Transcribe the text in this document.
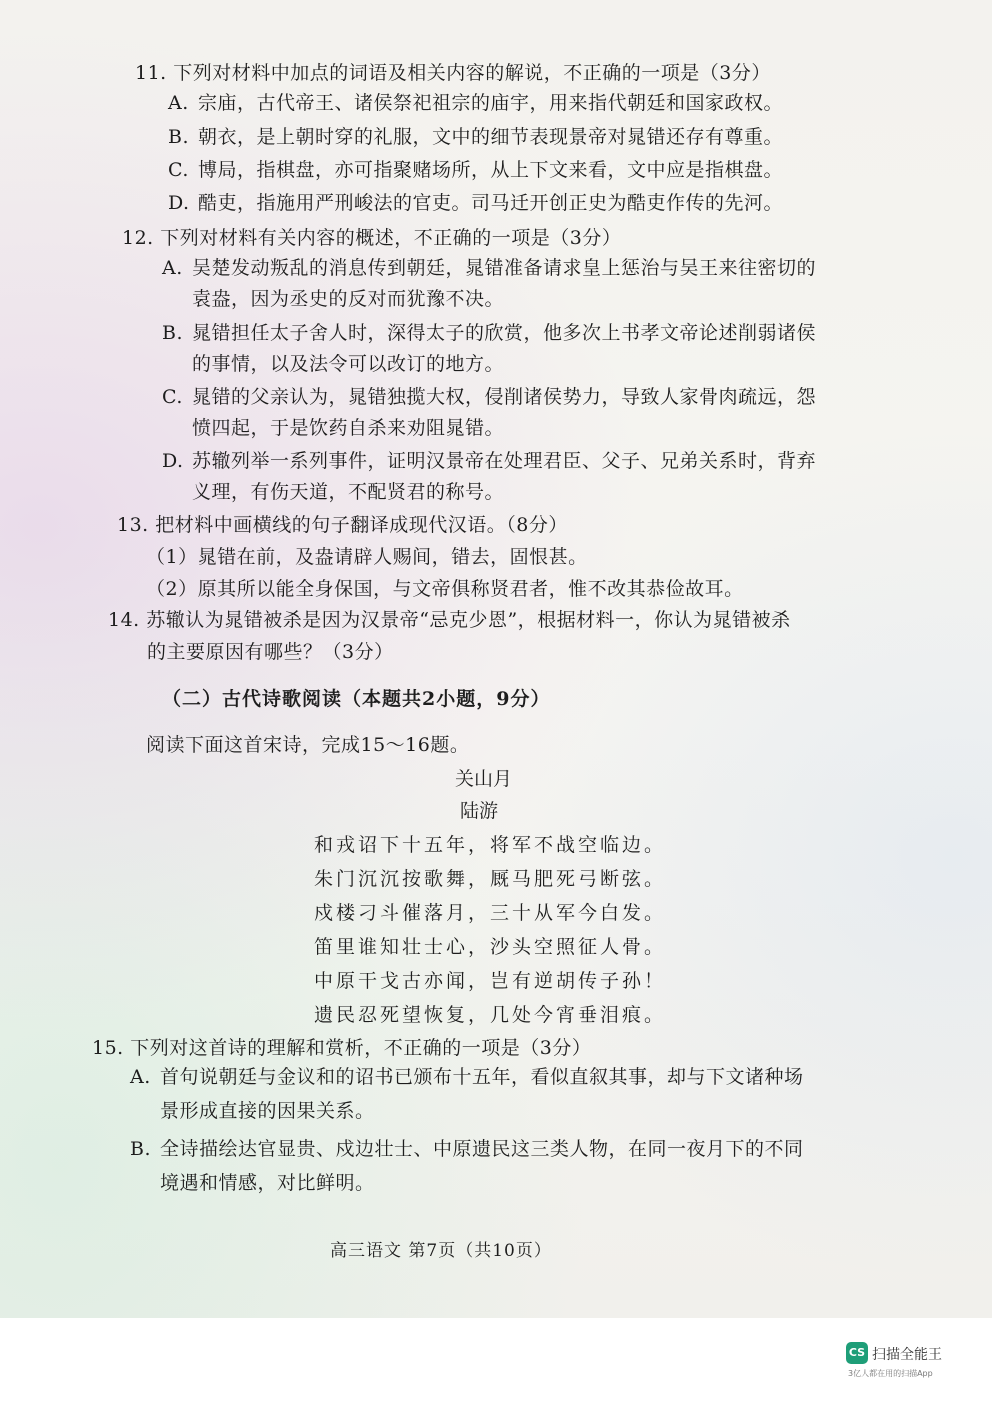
11. 下列对材料中加点的词语及相关内容的解说，不正确的一项是（3分）
A. 宗庙，古代帝王、诸侯祭祀祖宗的庙宇，用来指代朝廷和国家政权。
B. 朝衣，是上朝时穿的礼服，文中的细节表现景帝对晁错还存有尊重。
C. 博局，指棋盘，亦可指聚赌场所，从上下文来看，文中应是指棋盘。
D. 酷吏，指施用严刑峻法的官吏。司马迁开创正史为酷吏作传的先河。
12. 下列对材料有关内容的概述，不正确的一项是（3分）
A. 吴楚发动叛乱的消息传到朝廷，晁错准备请求皇上惩治与吴王来往密切的
袁盎，因为丞史的反对而犹豫不决。
B. 晁错担任太子舍人时，深得太子的欣赏，他多次上书孝文帝论述削弱诸侯
的事情，以及法令可以改订的地方。
C. 晁错的父亲认为，晁错独揽大权，侵削诸侯势力，导致人家骨肉疏远，怨
愤四起，于是饮药自杀来劝阻晁错。
D. 苏辙列举一系列事件，证明汉景帝在处理君臣、父子、兄弟关系时，背弃
义理，有伤天道，不配贤君的称号。
13. 把材料中画横线的句子翻译成现代汉语。（8分）
（1）晁错在前，及盎请辟人赐间，错去，固恨甚。
（2）原其所以能全身保国，与文帝俱称贤君者，惟不改其恭俭故耳。
14. 苏辙认为晁错被杀是因为汉景帝“忌克少恩”，根据材料一，你认为晁错被杀
的主要原因有哪些？（3分）
（二）古代诗歌阅读（本题共2小题，9分）
阅读下面这首宋诗，完成15～16题。
关山月
陆游
和戎诏下十五年，将军不战空临边。
朱门沉沉按歌舞，厩马肥死弓断弦。
戍楼刁斗催落月，三十从军今白发。
笛里谁知壮士心，沙头空照征人骨。
中原干戈古亦闻，岂有逆胡传子孙！
遗民忍死望恢复，几处今宵垂泪痕。
15. 下列对这首诗的理解和赏析，不正确的一项是（3分）
A. 首句说朝廷与金议和的诏书已颁布十五年，看似直叙其事，却与下文诸种场
景形成直接的因果关系。
B. 全诗描绘达官显贵、戍边壮士、中原遗民这三类人物，在同一夜月下的不同
境遇和情感，对比鲜明。
高三语文 第7页（共10页）
CS 扫描全能王
3亿人都在用的扫描App
